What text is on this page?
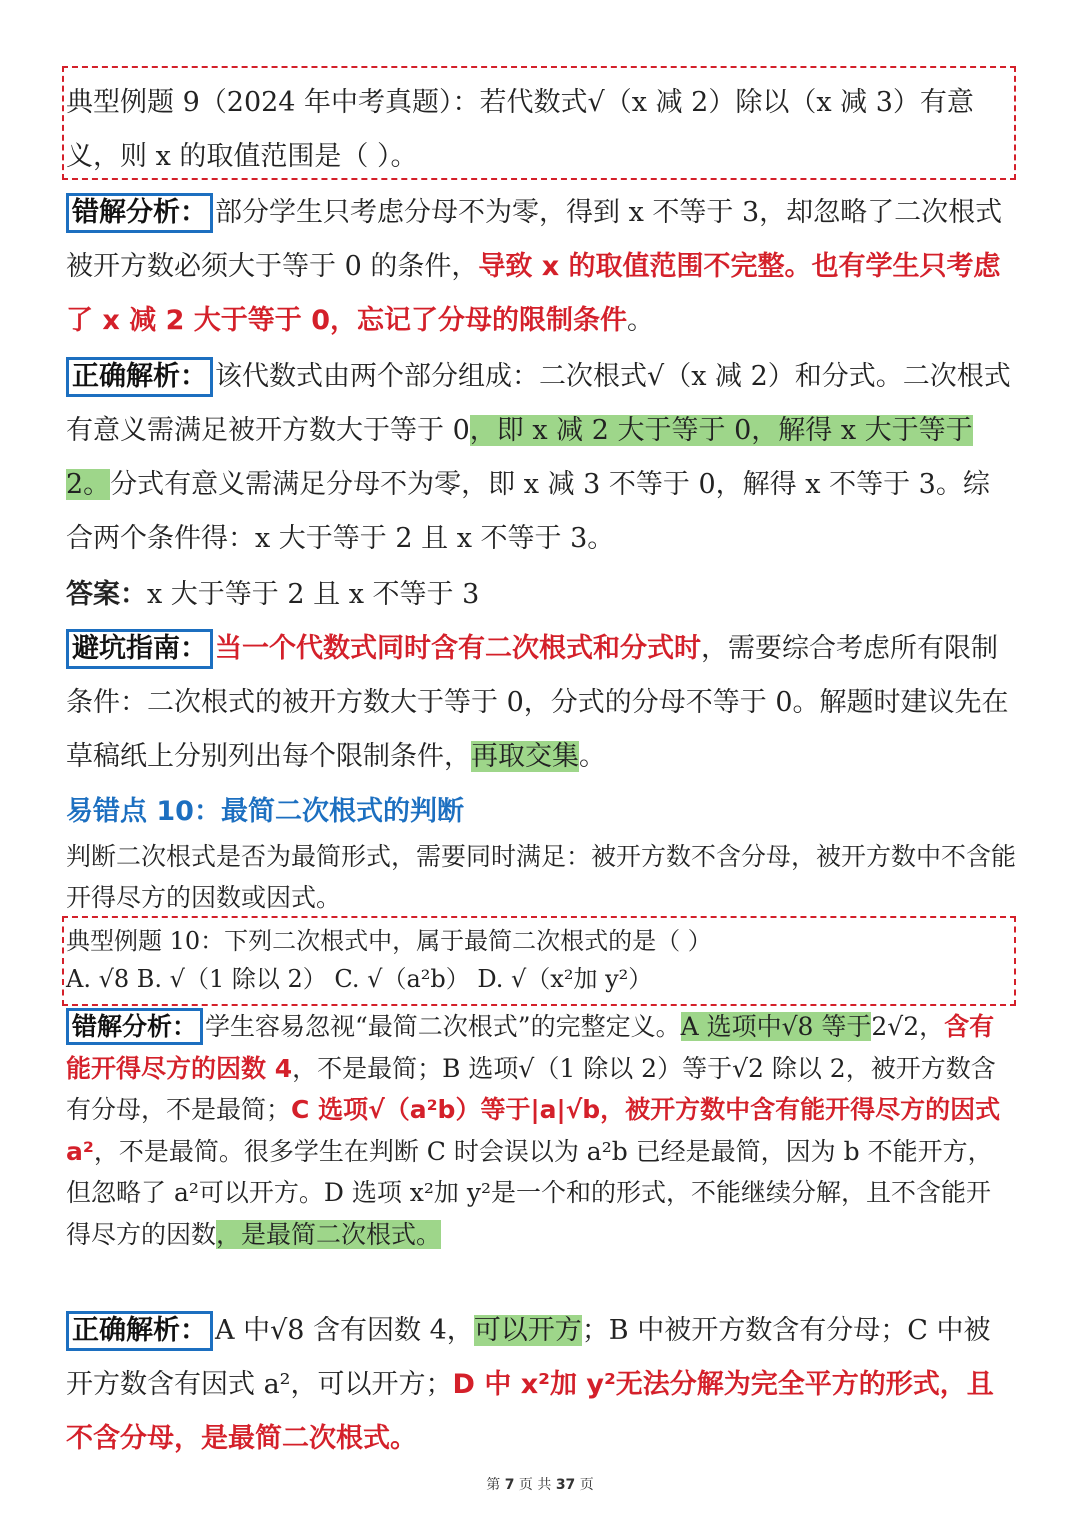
典型例题 9（2024 年中考真题）：若代数式√（x 减 2）除以（x 减 3）有意义，则 x 的取值范围是（ ）。

错解分析： 部分学生只考虑分母不为零，得到 x 不等于 3，却忽略了二次根式被开方数必须大于等于 0 的条件，导致 x 的取值范围不完整。也有学生只考虑了 x 减 2 大于等于 0，忘记了分母的限制条件。

正确解析： 该代数式由两个部分组成：二次根式√（x 减 2）和分式。二次根式有意义需满足被开方数大于等于 0，即 x 减 2 大于等于 0，解得 x 大于等于 2。分式有意义需满足分母不为零，即 x 减 3 不等于 0，解得 x 不等于 3。综合两个条件得：x 大于等于 2 且 x 不等于 3。

答案：x 大于等于 2 且 x 不等于 3

避坑指南： 当一个代数式同时含有二次根式和分式时，需要综合考虑所有限制条件：二次根式的被开方数大于等于 0，分式的分母不等于 0。解题时建议先在草稿纸上分别列出每个限制条件，再取交集。

易错点 10：最简二次根式的判断

判断二次根式是否为最简形式，需要同时满足：被开方数不含分母，被开方数中不含能开得尽方的因数或因式。

典型例题 10：下列二次根式中，属于最简二次根式的是（ ）
A. √8 B. √（1 除以 2） C. √（a²b） D. √（x²加 y²）

错解分析： 学生容易忽视“最简二次根式”的完整定义。A 选项中√8 等于2√2，含有能开得尽方的因数 4，不是最简；B 选项√（1 除以 2）等于√2 除以 2，被开方数含有分母，不是最简；C 选项√（a²b）等于|a|√b，被开方数中含有能开得尽方的因式 a²，不是最简。很多学生在判断 C 时会误以为 a²b 已经是最简，因为 b 不能开方，但忽略了 a²可以开方。D 选项 x²加 y²是一个和的形式，不能继续分解，且不含能开得尽方的因数，是最简二次根式。

正确解析： A 中√8 含有因数 4，可以开方；B 中被开方数含有分母；C 中被开方数含有因式 a²，可以开方；D 中 x²加 y²无法分解为完全平方的形式，且不含分母，是最简二次根式。

第 7 页 共 37 页
